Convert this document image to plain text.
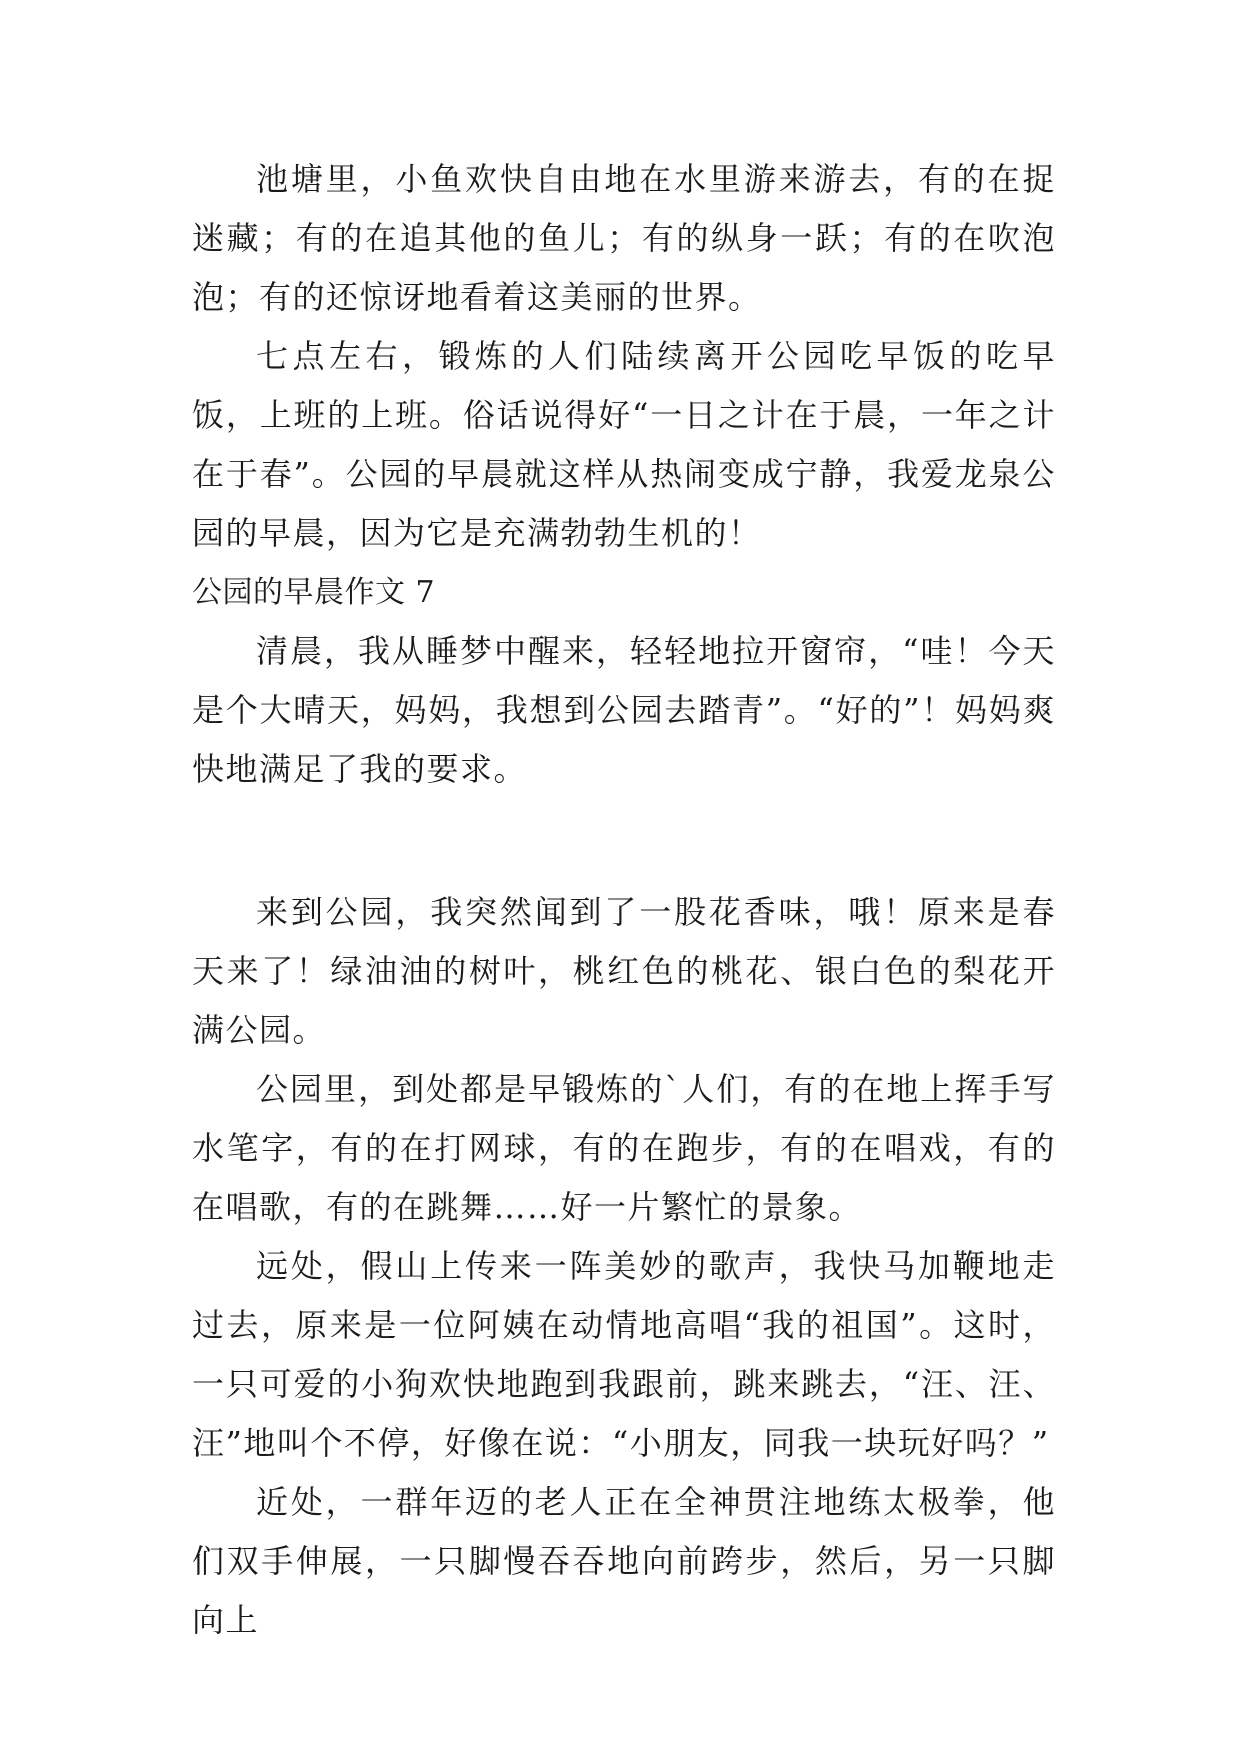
池塘里，小鱼欢快自由地在水里游来游去，有的在捉迷藏；有的在追其他的鱼儿；有的纵身一跃；有的在吹泡泡；有的还惊讶地看着这美丽的世界。

七点左右，锻炼的人们陆续离开公园吃早饭的吃早饭，上班的上班。俗话说得好“一日之计在于晨，一年之计在于春”。公园的早晨就这样从热闹变成宁静，我爱龙泉公园的早晨，因为它是充满勃勃生机的！

公园的早晨作文 7

清晨，我从睡梦中醒来，轻轻地拉开窗帘，“哇！今天是个大晴天，妈妈，我想到公园去踏青”。“好的”！妈妈爽快地满足了我的要求。

来到公园，我突然闻到了一股花香味，哦！原来是春天来了！绿油油的树叶，桃红色的桃花、银白色的梨花开满公园。

公园里，到处都是早锻炼的`人们，有的在地上挥手写水笔字，有的在打网球，有的在跑步，有的在唱戏，有的在唱歌，有的在跳舞……好一片繁忙的景象。

远处，假山上传来一阵美妙的歌声，我快马加鞭地走过去，原来是一位阿姨在动情地高唱“我的祖国”。这时，一只可爱的小狗欢快地跑到我跟前，跳来跳去，“汪、汪、汪”地叫个不停，好像在说：“小朋友，同我一块玩好吗？”

近处，一群年迈的老人正在全神贯注地练太极拳，他们双手伸展，一只脚慢吞吞地向前跨步，然后，另一只脚向上
